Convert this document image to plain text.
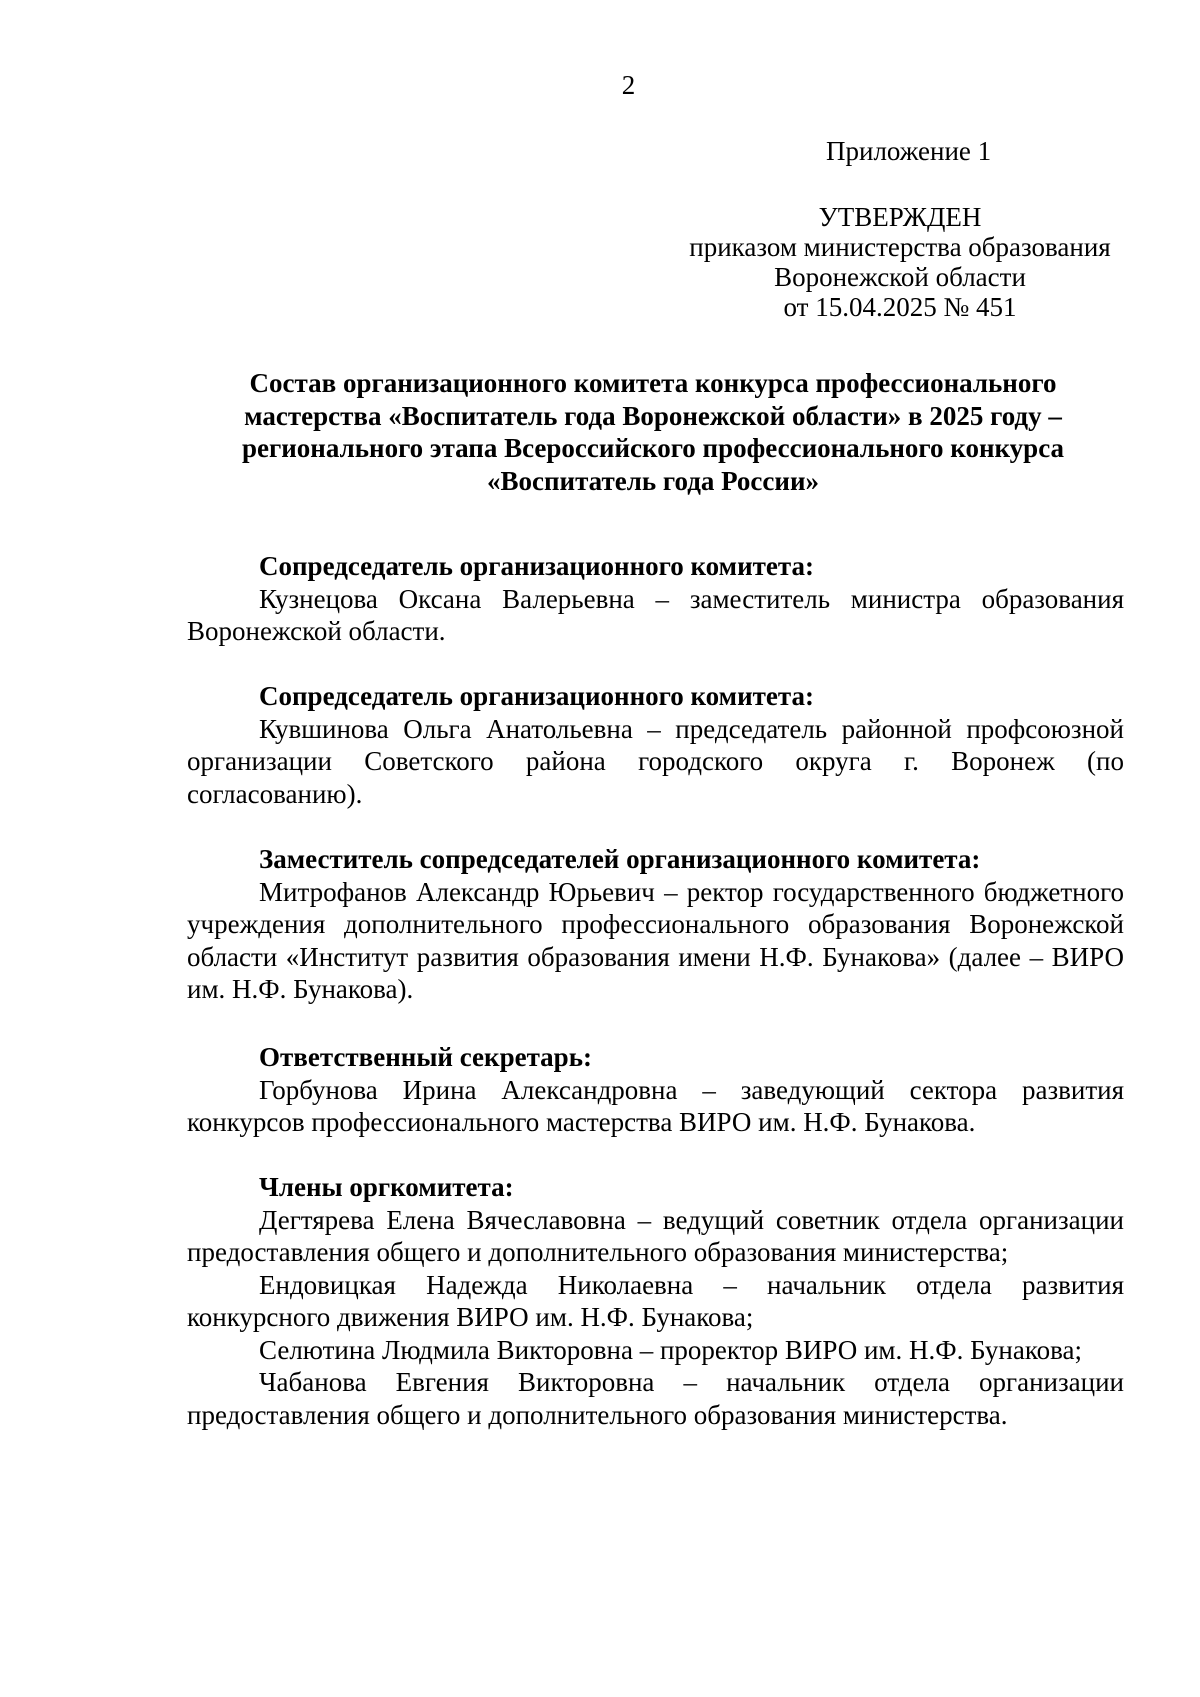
2
Приложение 1
УТВЕРЖДЕН
приказом министерства образования
Воронежской области
от 15.04.2025 № 451
Состав организационного комитета конкурса профессионального
мастерства «Воспитатель года Воронежской области» в 2025 году –
регионального этапа Всероссийского профессионального конкурса
«Воспитатель года России»
Сопредседатель организационного комитета:
Кузнецова Оксана Валерьевна – заместитель министра образования Воронежской области.
Сопредседатель организационного комитета:
Кувшинова Ольга Анатольевна – председатель районной профсоюзной организации Советского района городского округа г. Воронеж (по согласованию).
Заместитель сопредседателей организационного комитета:
Митрофанов Александр Юрьевич – ректор государственного бюджетного учреждения дополнительного профессионального образования Воронежской области «Институт развития образования имени Н.Ф. Бунакова» (далее – ВИРО им. Н.Ф. Бунакова).
Ответственный секретарь:
Горбунова Ирина Александровна – заведующий сектора развития конкурсов профессионального мастерства ВИРО им. Н.Ф. Бунакова.
Члены оргкомитета:
Дегтярева Елена Вячеславовна – ведущий советник отдела организации предоставления общего и дополнительного образования министерства;
Ендовицкая Надежда Николаевна – начальник отдела развития конкурсного движения ВИРО им. Н.Ф. Бунакова;
Селютина Людмила Викторовна – проректор ВИРО им. Н.Ф. Бунакова;
Чабанова Евгения Викторовна – начальник отдела организации предоставления общего и дополнительного образования министерства.
